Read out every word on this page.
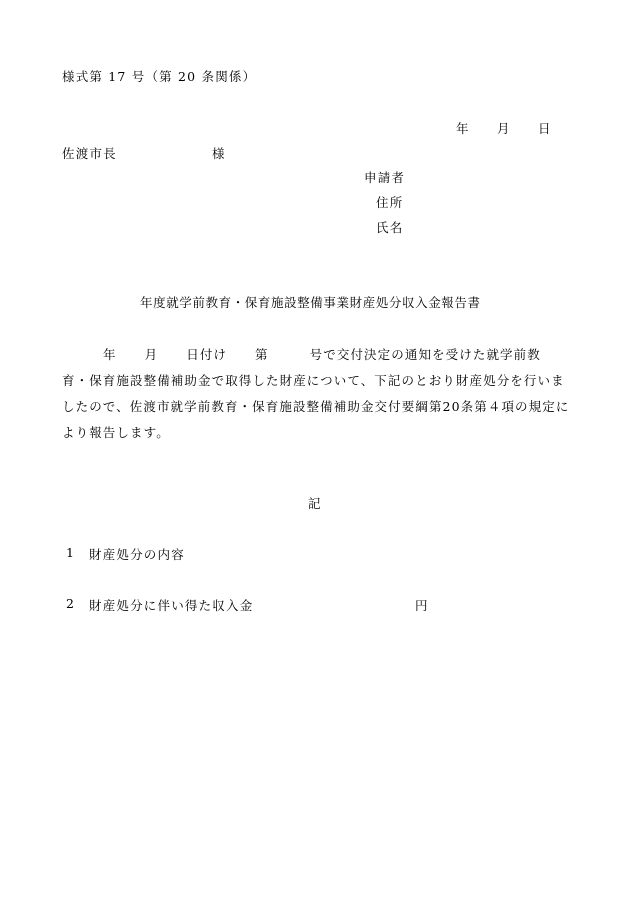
様式第 17 号（第 20 条関係）
年 月 日
佐渡市長	様
申請者
住所
氏名
年度就学前教育・保育施設整備事業財産処分収入金報告書
年 月 日付け 第	号で交付決定の通知を受けた就学前教
育・保育施設整備補助金で取得した財産について、下記のとおり財産処分を行いま
したので、佐渡市就学前教育・保育施設整備補助金交付要綱第20条第４項の規定に
より報告します。
記
1 財産処分の内容
2 財産処分に伴い得た収入金	円
